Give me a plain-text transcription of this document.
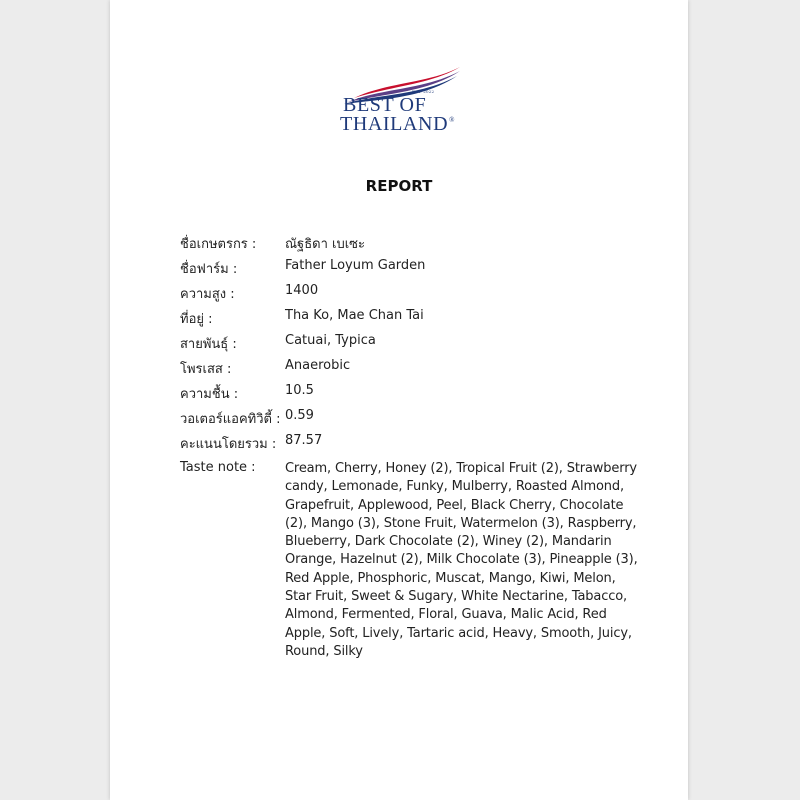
EST. 2022
BEST OF
THAILAND®
REPORT
ชื่อเกษตรกร : ณัฐธิดา เบเซะ
ชื่อฟาร์ม :	Father Loyum Garden
ความสูง :	1400
ที่อยู่ :	Tha Ko, Mae Chan Tai
สายพันธุ์ :	Catuai, Typica
โพรเสส :	Anaerobic
ความชื้น :	10.5
วอเตอร์แอคทิวิตี้ : 0.59
คะแนนโดยรวม : 87.57
Taste note : Cream, Cherry, Honey (2), Tropical Fruit (2), Strawberry candy, Lemonade, Funky, Mulberry, Roasted Almond, Grapefruit, Applewood, Peel, Black Cherry, Chocolate (2), Mango (3), Stone Fruit, Watermelon (3), Raspberry, Blueberry, Dark Chocolate (2), Winey (2), Mandarin Orange, Hazelnut (2), Milk Chocolate (3), Pineapple (3), Red Apple, Phosphoric, Muscat, Mango, Kiwi, Melon, Star Fruit, Sweet & Sugary, White Nectarine, Tabacco, Almond, Fermented, Floral, Guava, Malic Acid, Red Apple, Soft, Lively, Tartaric acid, Heavy, Smooth, Juicy, Round, Silky
